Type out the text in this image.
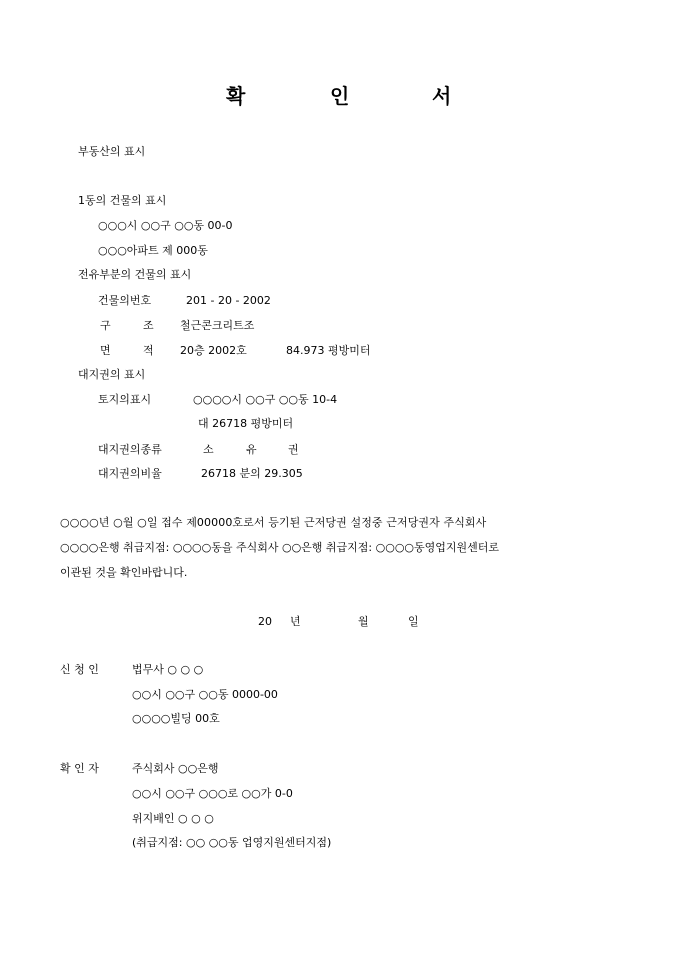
확	인	서
부동산의 표시
1동의 건물의 표시
○○○시 ○○구 ○○동 00-0
○○○아파트 제 000동
전유부분의 건물의 표시
건물의번호	201 - 20 - 2002
구	조 철근콘크리트조
면	적 20층 2002호	84.973 평방미터
대지권의 표시
토지의표시	○○○○시 ○○구 ○○동 10-4
대 26718 평방미터
대지권의종류	소	유	권
대지권의비율	26718 분의 29.305
○○○○년 ○월 ○일 접수 제00000호로서 등기된 근저당권 설정중 근저당권자 주식회사
○○○○은행 취급지점: ○○○○동을 주식회사 ○○은행 취급지점: ○○○○동영업지원센터로
이관된 것을 확인바랍니다.
20 년	월	일
신 청 인	법무사 ○ ○ ○
○○시 ○○구 ○○동 0000-00
○○○○빌딩 00호
확 인 자	주식회사 ○○은행
○○시 ○○구 ○○○로 ○○가 0-0
위지배인 ○ ○ ○
(취급지점: ○○ ○○동 업영지원센터지점)
